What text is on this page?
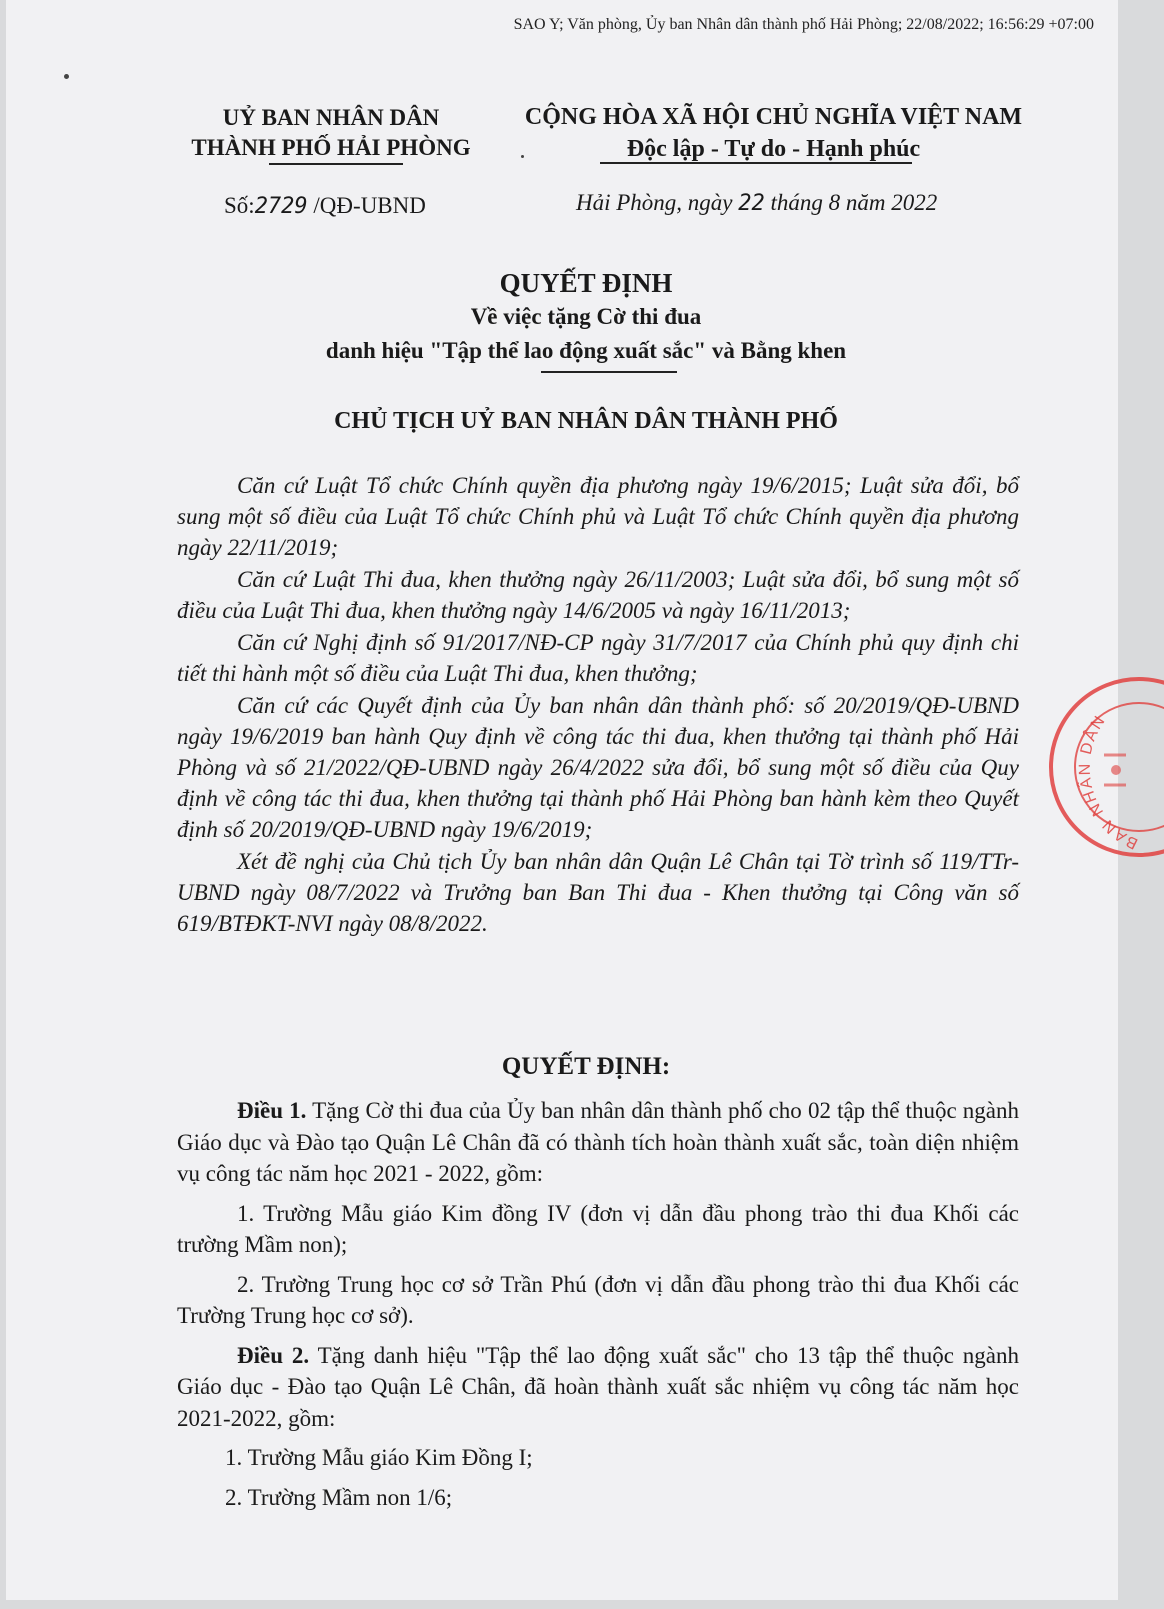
SAO Y; Văn phòng, Ủy ban Nhân dân thành phố Hải Phòng; 22/08/2022; 16:56:29 +07:00
UỶ BAN NHÂN DÂN
THÀNH PHỐ HẢI PHÒNG
CỘNG HÒA XÃ HỘI CHỦ NGHĨA VIỆT NAM
Độc lập - Tự do - Hạnh phúc
Số:2729 /QĐ-UBND	Hải Phòng, ngày 22 tháng 8 năm 2022
QUYẾT ĐỊNH
Về việc tặng Cờ thi đua
danh hiệu "Tập thể lao động xuất sắc" và Bằng khen
CHỦ TỊCH UỶ BAN NHÂN DÂN THÀNH PHỐ

Căn cứ Luật Tổ chức Chính quyền địa phương ngày 19/6/2015; Luật sửa đổi, bổ sung một số điều của Luật Tổ chức Chính phủ và Luật Tổ chức Chính quyền địa phương ngày 22/11/2019;

Căn cứ Luật Thi đua, khen thưởng ngày 26/11/2003; Luật sửa đổi, bổ sung một số điều của Luật Thi đua, khen thưởng ngày 14/6/2005 và ngày 16/11/2013;

Căn cứ Nghị định số 91/2017/NĐ-CP ngày 31/7/2017 của Chính phủ quy định chi tiết thi hành một số điều của Luật Thi đua, khen thưởng;

Căn cứ các Quyết định của Ủy ban nhân dân thành phố: số 20/2019/QĐ-UBND ngày 19/6/2019 ban hành Quy định về công tác thi đua, khen thưởng tại thành phố Hải Phòng và số 21/2022/QĐ-UBND ngày 26/4/2022 sửa đổi, bổ sung một số điều của Quy định về công tác thi đua, khen thưởng tại thành phố Hải Phòng ban hành kèm theo Quyết định số 20/2019/QĐ-UBND ngày 19/6/2019;

Xét đề nghị của Chủ tịch Ủy ban nhân dân Quận Lê Chân tại Tờ trình số 119/TTr-UBND ngày 08/7/2022 và Trưởng ban Ban Thi đua - Khen thưởng tại Công văn số 619/BTĐKT-NVI ngày 08/8/2022.

QUYẾT ĐỊNH:

Điều 1. Tặng Cờ thi đua của Ủy ban nhân dân thành phố cho 02 tập thể thuộc ngành Giáo dục và Đào tạo Quận Lê Chân đã có thành tích hoàn thành xuất sắc, toàn diện nhiệm vụ công tác năm học 2021 - 2022, gồm:

1. Trường Mẫu giáo Kim đồng IV (đơn vị dẫn đầu phong trào thi đua Khối các trường Mầm non);

2. Trường Trung học cơ sở Trần Phú (đơn vị dẫn đầu phong trào thi đua Khối các Trường Trung học cơ sở).

Điều 2. Tặng danh hiệu "Tập thể lao động xuất sắc" cho 13 tập thể thuộc ngành Giáo dục - Đào tạo Quận Lê Chân, đã hoàn thành xuất sắc nhiệm vụ công tác năm học 2021-2022, gồm:

1. Trường Mẫu giáo Kim Đồng I;

2. Trường Mầm non 1/6;

BAN NHÂN DÂN
